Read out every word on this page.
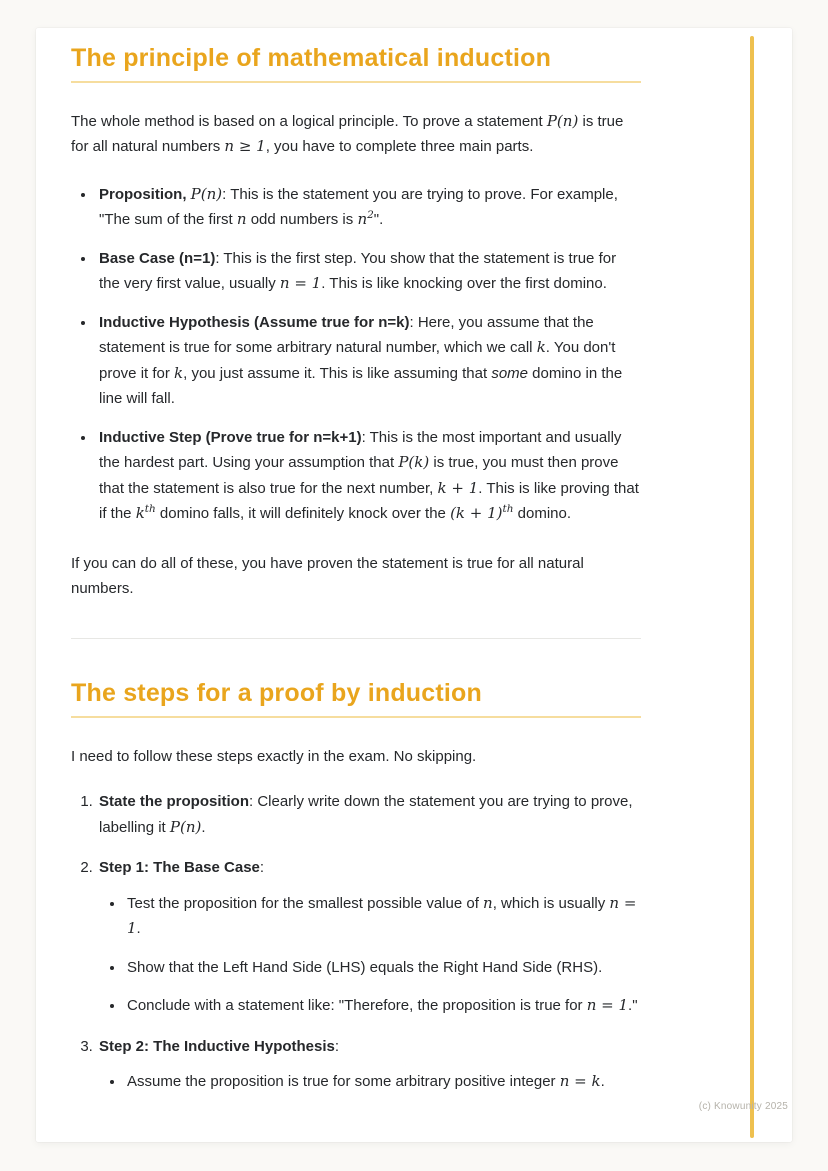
The principle of mathematical induction

The whole method is based on a logical principle. To prove a statement P(n) is true for all natural numbers n ≥ 1, you have to complete three main parts.

• Proposition, P(n): This is the statement you are trying to prove. For example, "The sum of the first n odd numbers is $n^2$".
• Base Case (n=1): This is the first step. You show that the statement is true for the very first value, usually n = 1. This is like knocking over the first domino.
• Inductive Hypothesis (Assume true for n=k): Here, you assume that the statement is true for some arbitrary natural number, which we call k. You don't prove it for k, you just assume it. This is like assuming that some domino in the line will fall.
• Inductive Step (Prove true for n=k+1): This is the most important and usually the hardest part. Using your assumption that P(k) is true, you must then prove that the statement is also true for the next number, k + 1. This is like proving that if the $k^{th}$ domino falls, it will definitely knock over the $(k + 1)^{th}$ domino.

If you can do all of these, you have proven the statement is true for all natural numbers.

The steps for a proof by induction

I need to follow these steps exactly in the exam. No skipping.

1. State the proposition: Clearly write down the statement you are trying to prove, labelling it P(n).
2. Step 1: The Base Case:
• Test the proposition for the smallest possible value of n, which is usually n = 1.
• Show that the Left Hand Side (LHS) equals the Right Hand Side (RHS).
• Conclude with a statement like: "Therefore, the proposition is true for n = 1."
3. Step 2: The Inductive Hypothesis:
• Assume the proposition is true for some arbitrary positive integer n = k.
(c) Knowunity 2025
